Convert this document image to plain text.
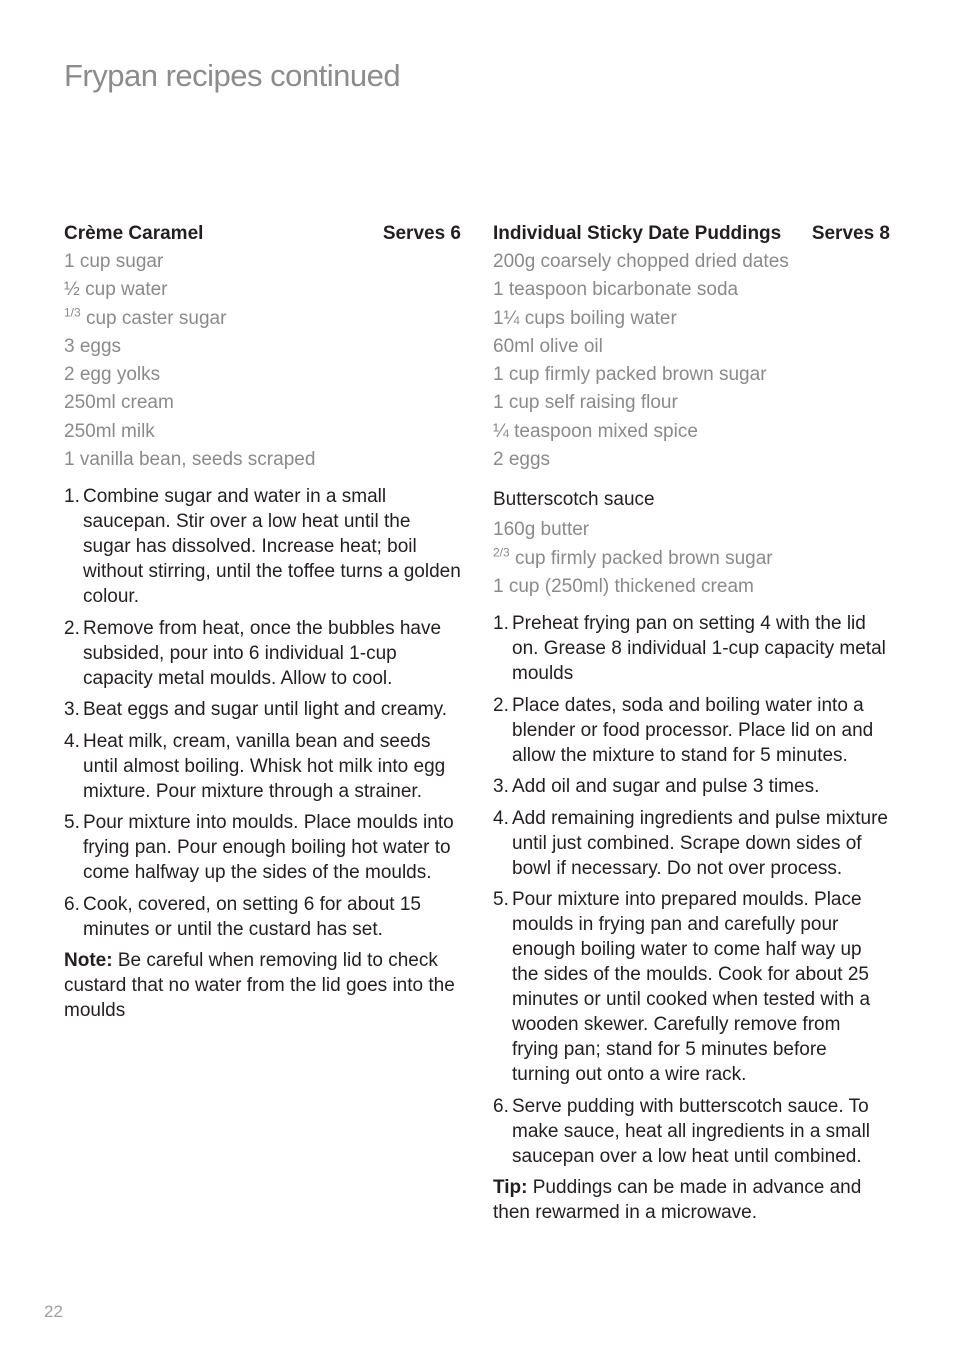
Frypan recipes continued
Crème Caramel	Serves 6
1 cup sugar
½ cup water
$^{1/3}$ cup caster sugar
3 eggs
2 egg yolks
250ml cream
250ml milk
1 vanilla bean, seeds scraped
1. Combine sugar and water in a small saucepan. Stir over a low heat until the sugar has dissolved. Increase heat; boil without stirring, until the toffee turns a golden colour.
2. Remove from heat, once the bubbles have subsided, pour into 6 individual 1-cup capacity metal moulds. Allow to cool.
3. Beat eggs and sugar until light and creamy.
4. Heat milk, cream, vanilla bean and seeds until almost boiling. Whisk hot milk into egg mixture. Pour mixture through a strainer.
5. Pour mixture into moulds. Place moulds into frying pan. Pour enough boiling hot water to come halfway up the sides of the moulds.
6. Cook, covered, on setting 6 for about 15 minutes or until the custard has set.

Note: Be careful when removing lid to check custard that no water from the lid goes into the moulds

Individual Sticky Date Puddings Serves 8
200g coarsely chopped dried dates
1 teaspoon bicarbonate soda
1¼ cups boiling water
60ml olive oil
1 cup firmly packed brown sugar
1 cup self raising flour
¼ teaspoon mixed spice
2 eggs
Butterscotch sauce
160g butter
$^{2/3}$ cup firmly packed brown sugar
1 cup (250ml) thickened cream
1. Preheat frying pan on setting 4 with the lid on. Grease 8 individual 1-cup capacity metal moulds
2. Place dates, soda and boiling water into a blender or food processor. Place lid on and allow the mixture to stand for 5 minutes.
3. Add oil and sugar and pulse 3 times.
4. Add remaining ingredients and pulse mixture until just combined. Scrape down sides of bowl if necessary. Do not over process.
5. Pour mixture into prepared moulds. Place moulds in frying pan and carefully pour enough boiling water to come half way up the sides of the moulds. Cook for about 25 minutes or until cooked when tested with a wooden skewer. Carefully remove from frying pan; stand for 5 minutes before turning out onto a wire rack.
6. Serve pudding with butterscotch sauce. To make sauce, heat all ingredients in a small saucepan over a low heat until combined.

Tip: Puddings can be made in advance and then rewarmed in a microwave.

22
